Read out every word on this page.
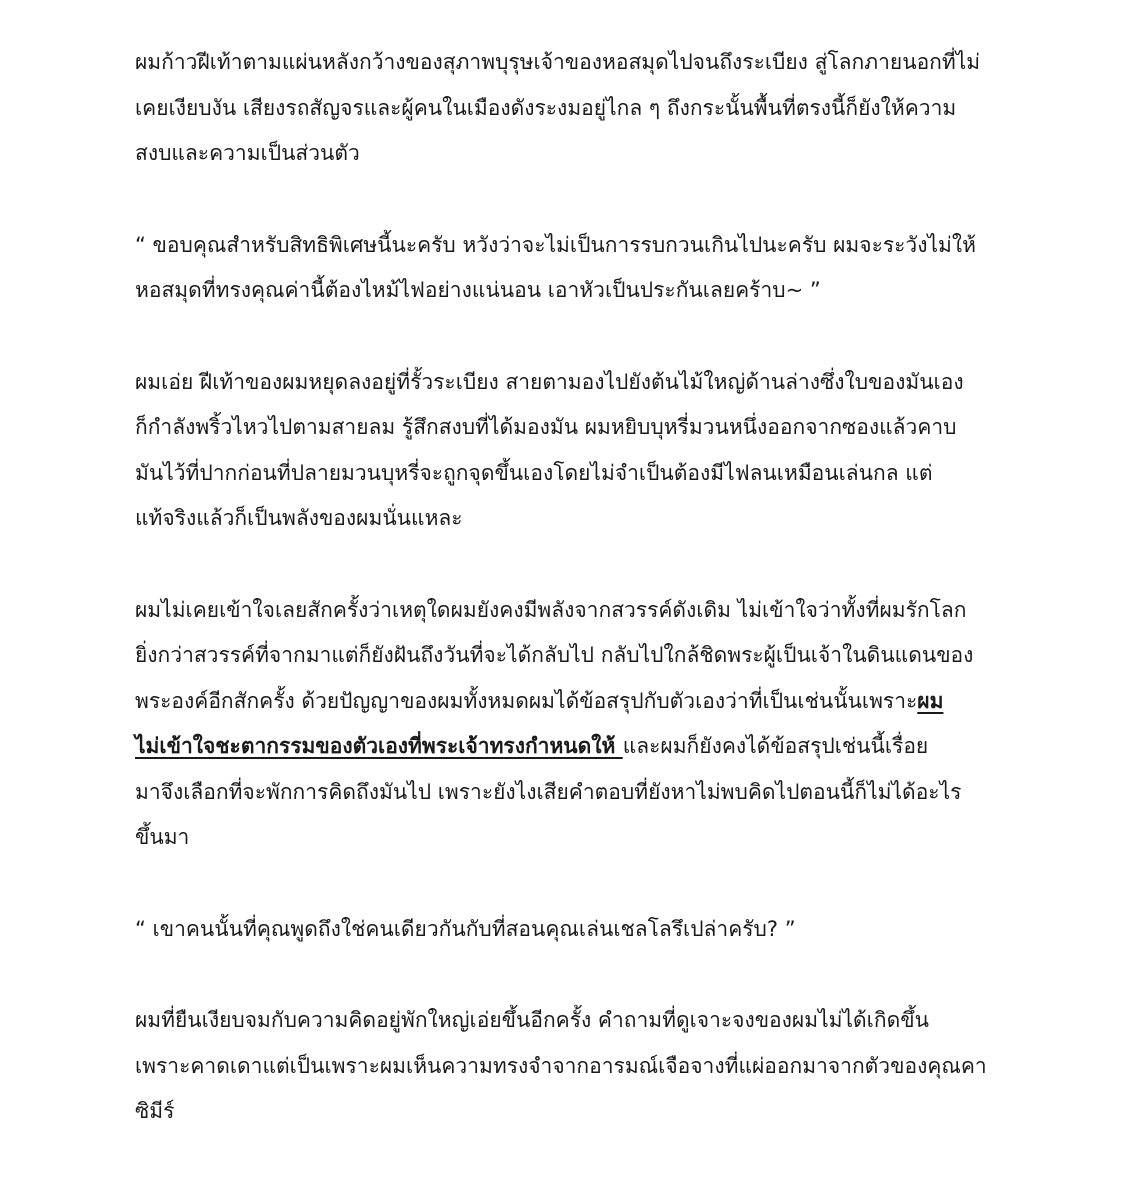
ผมก้าวฝีเท้าตามแผ่นหลังกว้างของสุภาพบุรุษเจ้าของหอสมุดไปจนถึงระเบียง สู่โลกภายนอกที่ไม่
เคยเงียบงัน เสียงรถสัญจรและผู้คนในเมืองดังระงมอยู่ไกล ๆ ถึงกระนั้นพื้นที่ตรงนี้ก็ยังให้ความ
สงบและความเป็นส่วนตัว
“ ขอบคุณสำหรับสิทธิพิเศษนี้นะครับ หวังว่าจะไม่เป็นการรบกวนเกินไปนะครับ ผมจะระวังไม่ให้
หอสมุดที่ทรงคุณค่านี้ต้องไหม้ไฟอย่างแน่นอน เอาหัวเป็นประกันเลยคร้าบ~ ”
ผมเอ่ย ฝีเท้าของผมหยุดลงอยู่ที่รั้วระเบียง สายตามองไปยังต้นไม้ใหญ่ด้านล่างซึ่งใบของมันเอง
ก็กำลังพริ้วไหวไปตามสายลม รู้สึกสงบที่ได้มองมัน ผมหยิบบุหรี่มวนหนึ่งออกจากซองแล้วคาบ
มันไว้ที่ปากก่อนที่ปลายมวนบุหรี่จะถูกจุดขึ้นเองโดยไม่จำเป็นต้องมีไฟลนเหมือนเล่นกล แต่
แท้จริงแล้วก็เป็นพลังของผมนั่นแหละ
ผมไม่เคยเข้าใจเลยสักครั้งว่าเหตุใดผมยังคงมีพลังจากสวรรค์ดังเดิม ไม่เข้าใจว่าทั้งที่ผมรักโลก
ยิ่งกว่าสวรรค์ที่จากมาแต่ก็ยังฝันถึงวันที่จะได้กลับไป กลับไปใกล้ชิดพระผู้เป็นเจ้าในดินแดนของ
พระองค์อีกสักครั้ง ด้วยปัญญาของผมทั้งหมดผมได้ข้อสรุปกับตัวเองว่าที่เป็นเช่นนั้นเพราะผม
ไม่เข้าใจชะตากรรมของตัวเองที่พระเจ้าทรงกำหนดให้ และผมก็ยังคงได้ข้อสรุปเช่นนี้เรื่อย
มาจึงเลือกที่จะพักการคิดถึงมันไป เพราะยังไงเสียคำตอบที่ยังหาไม่พบคิดไปตอนนี้ก็ไม่ได้อะไร
ขึ้นมา
“ เขาคนนั้นที่คุณพูดถึงใช่คนเดียวกันกับที่สอนคุณเล่นเชลโลรึเปล่าครับ? ”
ผมที่ยืนเงียบจมกับความคิดอยู่พักใหญ่เอ่ยขึ้นอีกครั้ง คำถามที่ดูเจาะจงของผมไม่ได้เกิดขึ้น
เพราะคาดเดาแต่เป็นเพราะผมเห็นความทรงจำจากอารมณ์เจือจางที่แผ่ออกมาจากตัวของคุณคา
ซิมีร์
